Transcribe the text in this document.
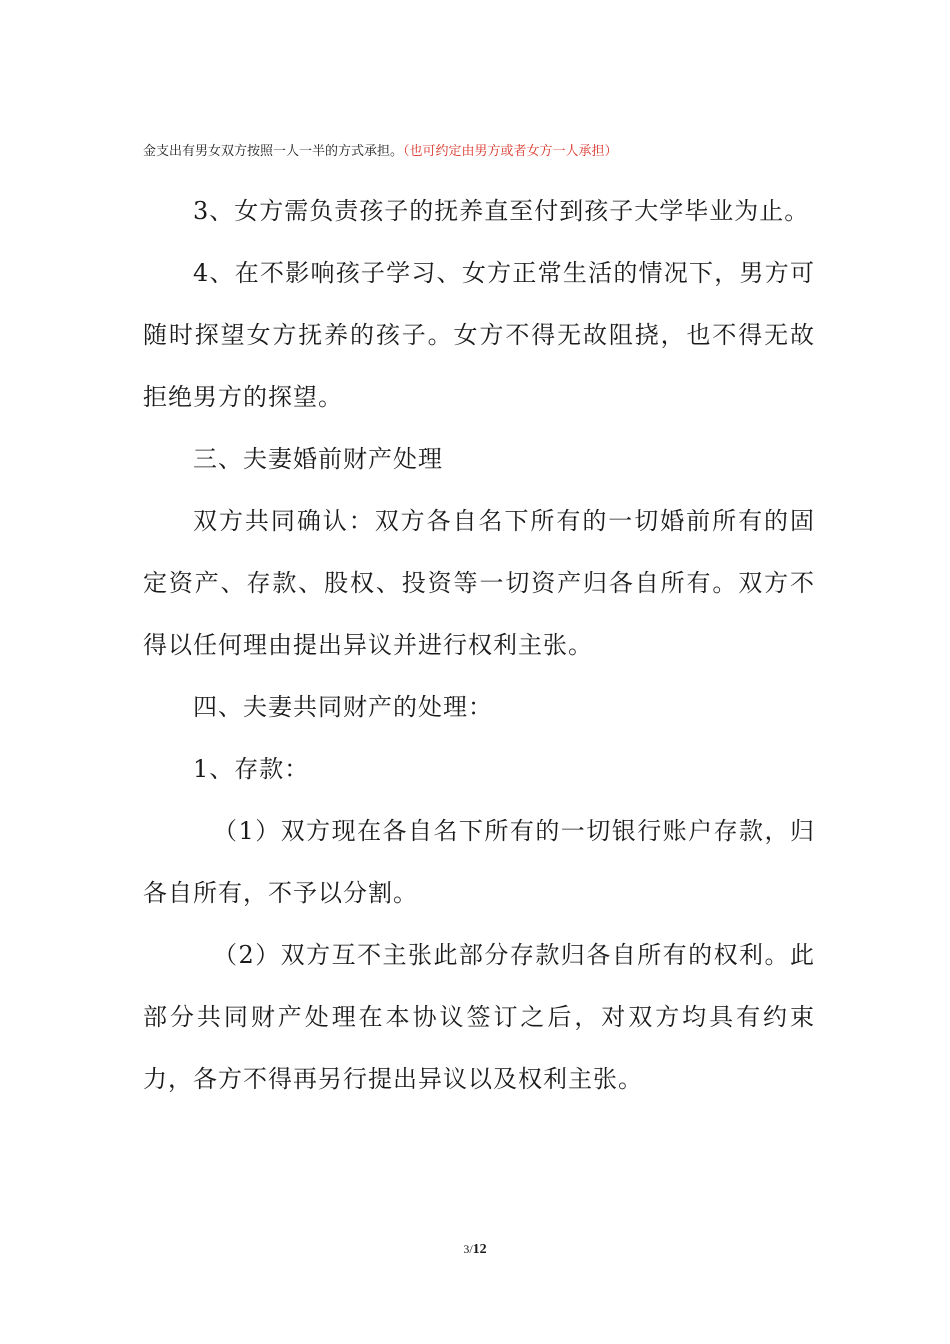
金支出有男女双方按照一人一半的方式承担。（也可约定由男方或者女方一人承担）

3、女方需负责孩子的抚养直至付到孩子大学毕业为止。

4、在不影响孩子学习、女方正常生活的情况下，男方可随时探望女方抚养的孩子。女方不得无故阻挠，也不得无故拒绝男方的探望。

三、夫妻婚前财产处理

双方共同确认：双方各自名下所有的一切婚前所有的固定资产、存款、股权、投资等一切资产归各自所有。双方不得以任何理由提出异议并进行权利主张。

四、夫妻共同财产的处理：

1、存款：

（1）双方现在各自名下所有的一切银行账户存款，归各自所有，不予以分割。

（2）双方互不主张此部分存款归各自所有的权利。此部分共同财产处理在本协议签订之后，对双方均具有约束力，各方不得再另行提出异议以及权利主张。

3/12
